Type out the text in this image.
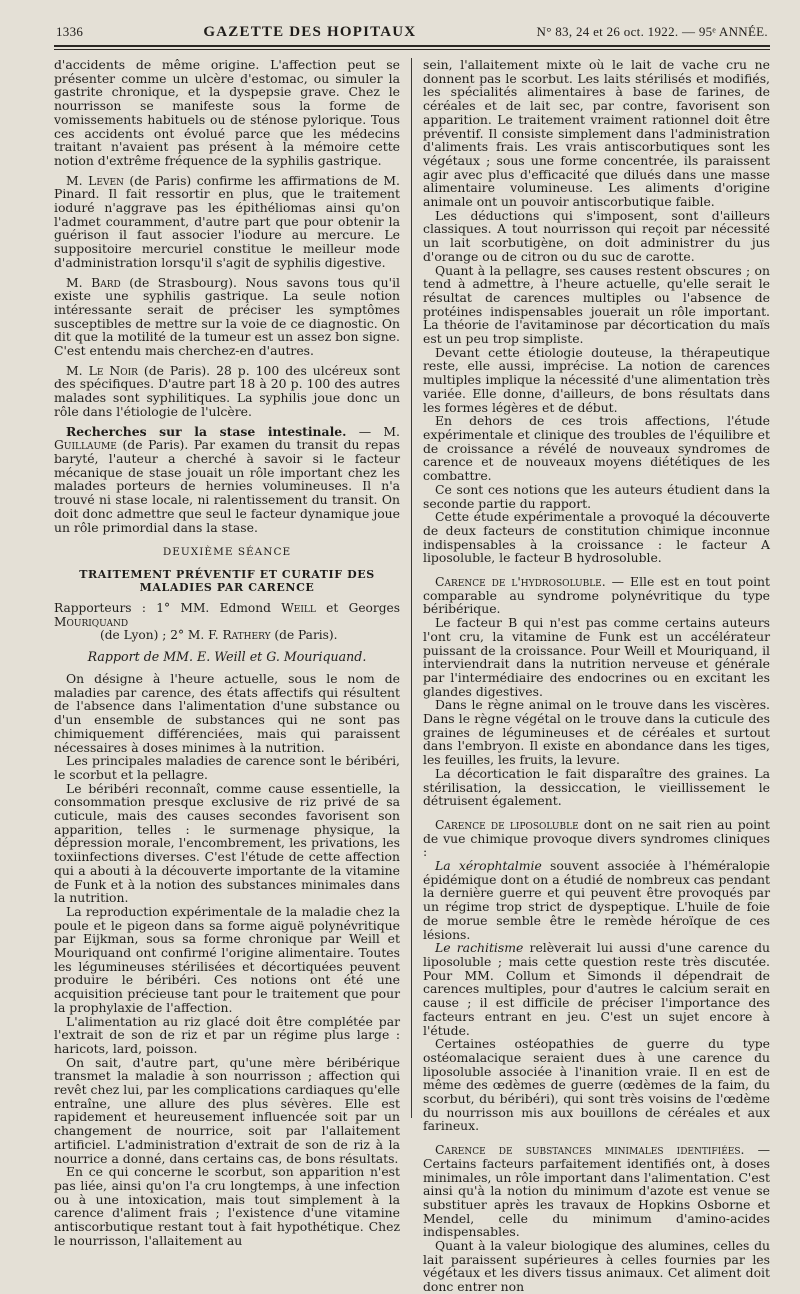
1336	GAZETTE DES HOPITAUX	N° 83, 24 et 26 oct. 1922. — 95ᵉ ANNÉE.

d'accidents de même origine. L'affection peut se présenter comme un ulcère d'estomac, ou simuler la gastrite chronique, et la dyspepsie grave. Chez le nourrisson se manifeste sous la forme de vomissements habituels ou de sténose pylorique. Tous ces accidents ont évolué parce que les médecins traitant n'avaient pas présent à la mémoire cette notion d'extrême fréquence de la syphilis gastrique.

M. Leven (de Paris) confirme les affirmations de M. Pinard. Il fait ressortir en plus, que le traitement ioduré n'aggrave pas les épithéliomas ainsi qu'on l'admet couramment, d'autre part que pour obtenir la guérison il faut associer l'iodure au mercure. Le suppositoire mercuriel constitue le meilleur mode d'administration lorsqu'il s'agit de syphilis digestive.

M. Bard (de Strasbourg). Nous savons tous qu'il existe une syphilis gastrique. La seule notion intéressante serait de préciser les symptômes susceptibles de mettre sur la voie de ce diagnostic. On dit que la motilité de la tumeur est un assez bon signe. C'est entendu mais cherchez-en d'autres.

M. Le Noir (de Paris). 28 p. 100 des ulcéreux sont des spécifiques. D'autre part 18 à 20 p. 100 des autres malades sont syphilitiques. La syphilis joue donc un rôle dans l'étiologie de l'ulcère.

Recherches sur la stase intestinale. — M. Guillaume (de Paris). Par examen du transit du repas baryté, l'auteur a cherché à savoir si le facteur mécanique de stase jouait un rôle important chez les malades porteurs de hernies volumineuses. Il n'a trouvé ni stase locale, ni ralentissement du transit. On doit donc admettre que seul le facteur dynamique joue un rôle primordial dans la stase.

DEUXIÈME SÉANCE
TRAITEMENT PRÉVENTIF ET CURATIF DES MALADIES PAR CARENCE

Rapporteurs : 1° MM. Edmond Weill et Georges Mouriquand
(de Lyon) ; 2° M. F. Rathery (de Paris).

Rapport de MM. E. Weill et G. Mouriquand.

On désigne à l'heure actuelle, sous le nom de maladies par carence, des états affectifs qui résultent de l'absence dans l'alimentation d'une substance ou d'un ensemble de substances qui ne sont pas chimiquement différenciées, mais qui paraissent nécessaires à doses minimes à la nutrition.

Les principales maladies de carence sont le béribéri, le scorbut et la pellagre.

Le béribéri reconnaît, comme cause essentielle, la consommation presque exclusive de riz privé de sa cuticule, mais des causes secondes favorisent son apparition, telles : le surmenage physique, la dépression morale, l'encombrement, les privations, les toxiinfections diverses. C'est l'étude de cette affection qui a abouti à la découverte importante de la vitamine de Funk et à la notion des substances minimales dans la nutrition.

La reproduction expérimentale de la maladie chez la poule et le pigeon dans sa forme aiguë polynévritique par Eijkman, sous sa forme chronique par Weill et Mouriquand ont confirmé l'origine alimentaire. Toutes les légumineuses stérilisées et décortiquées peuvent produire le béribéri. Ces notions ont été une acquisition précieuse tant pour le traitement que pour la prophylaxie de l'affection.

L'alimentation au riz glacé doit être complétée par l'extrait de son de riz et par un régime plus large : haricots, lard, poisson.

On sait, d'autre part, qu'une mère béribérique transmet la maladie à son nourrisson ; affection qui revêt chez lui, par les complications cardiaques qu'elle entraîne, une allure des plus sévères. Elle est rapidement et heureusement influencée soit par un changement de nourrice, soit par l'allaitement artificiel. L'administration d'extrait de son de riz à la nourrice a donné, dans certains cas, de bons résultats.

En ce qui concerne le scorbut, son apparition n'est pas liée, ainsi qu'on l'a cru longtemps, à une infection ou à une intoxication, mais tout simplement à la carence d'aliment frais ; l'existence d'une vitamine antiscorbutique restant tout à fait hypothétique. Chez le nourrisson, l'allaitement au

sein, l'allaitement mixte où le lait de vache cru ne donnent pas le scorbut. Les laits stérilisés et modifiés, les spécialités alimentaires à base de farines, de céréales et de lait sec, par contre, favorisent son apparition. Le traitement vraiment rationnel doit être préventif. Il consiste simplement dans l'administration d'aliments frais. Les vrais antiscorbutiques sont les végétaux ; sous une forme concentrée, ils paraissent agir avec plus d'efficacité que dilués dans une masse alimentaire volumineuse. Les aliments d'origine animale ont un pouvoir antiscorbutique faible.

Les déductions qui s'imposent, sont d'ailleurs classiques. A tout nourrisson qui reçoit par nécessité un lait scorbutigène, on doit administrer du jus d'orange ou de citron ou du suc de carotte.

Quant à la pellagre, ses causes restent obscures ; on tend à admettre, à l'heure actuelle, qu'elle serait le résultat de carences multiples ou l'absence de protéines indispensables jouerait un rôle important. La théorie de l'avitaminose par décortication du maïs est un peu trop simpliste.

Devant cette étiologie douteuse, la thérapeutique reste, elle aussi, imprécise. La notion de carences multiples implique la nécessité d'une alimentation très variée. Elle donne, d'ailleurs, de bons résultats dans les formes légères et de début.

En dehors de ces trois affections, l'étude expérimentale et clinique des troubles de l'équilibre et de croissance a révélé de nouveaux syndromes de carence et de nouveaux moyens diététiques de les combattre.

Ce sont ces notions que les auteurs étudient dans la seconde partie du rapport.

Cette étude expérimentale a provoqué la découverte de deux facteurs de constitution chimique inconnue indispensables à la croissance : le facteur A liposoluble, le facteur B hydrosoluble.

Carence de l'hydrosoluble. — Elle est en tout point comparable au syndrome polynévritique du type béribérique.

Le facteur B qui n'est pas comme certains auteurs l'ont cru, la vitamine de Funk est un accélérateur puissant de la croissance. Pour Weill et Mouriquand, il interviendrait dans la nutrition nerveuse et générale par l'intermédiaire des endocrines ou en excitant les glandes digestives.

Dans le règne animal on le trouve dans les viscères. Dans le règne végétal on le trouve dans la cuticule des graines de légumineuses et de céréales et surtout dans l'embryon. Il existe en abondance dans les tiges, les feuilles, les fruits, la levure.

La décortication le fait disparaître des graines. La stérilisation, la dessiccation, le vieillissement le détruisent également.

Carence de liposoluble dont on ne sait rien au point de vue chimique provoque divers syndromes cliniques :

La xérophtalmie souvent associée à l'héméralopie épidémique dont on a étudié de nombreux cas pendant la dernière guerre et qui peuvent être provoqués par un régime trop strict de dyspeptique. L'huile de foie de morue semble être le remède héroïque de ces lésions.

Le rachitisme relèverait lui aussi d'une carence du liposoluble ; mais cette question reste très discutée. Pour MM. Collum et Simonds il dépendrait de carences multiples, pour d'autres le calcium serait en cause ; il est difficile de préciser l'importance des facteurs entrant en jeu. C'est un sujet encore à l'étude.

Certaines ostéopathies de guerre du type ostéomalacique seraient dues à une carence du liposoluble associée à l'inanition vraie. Il en est de même des œdèmes de guerre (œdèmes de la faim, du scorbut, du béribéri), qui sont très voisins de l'œdème du nourrisson mis aux bouillons de céréales et aux farineux.

Carence de substances minimales identifiées. — Certains facteurs parfaitement identifiés ont, à doses minimales, un rôle important dans l'alimentation. C'est ainsi qu'à la notion du minimum d'azote est venue se substituer après les travaux de Hopkins Osborne et Mendel, celle du minimum d'amino-acides indispensables.

Quant à la valeur biologique des alumines, celles du lait paraissent supérieures à celles fournies par les végétaux et les divers tissus animaux. Cet aliment doit donc entrer non
